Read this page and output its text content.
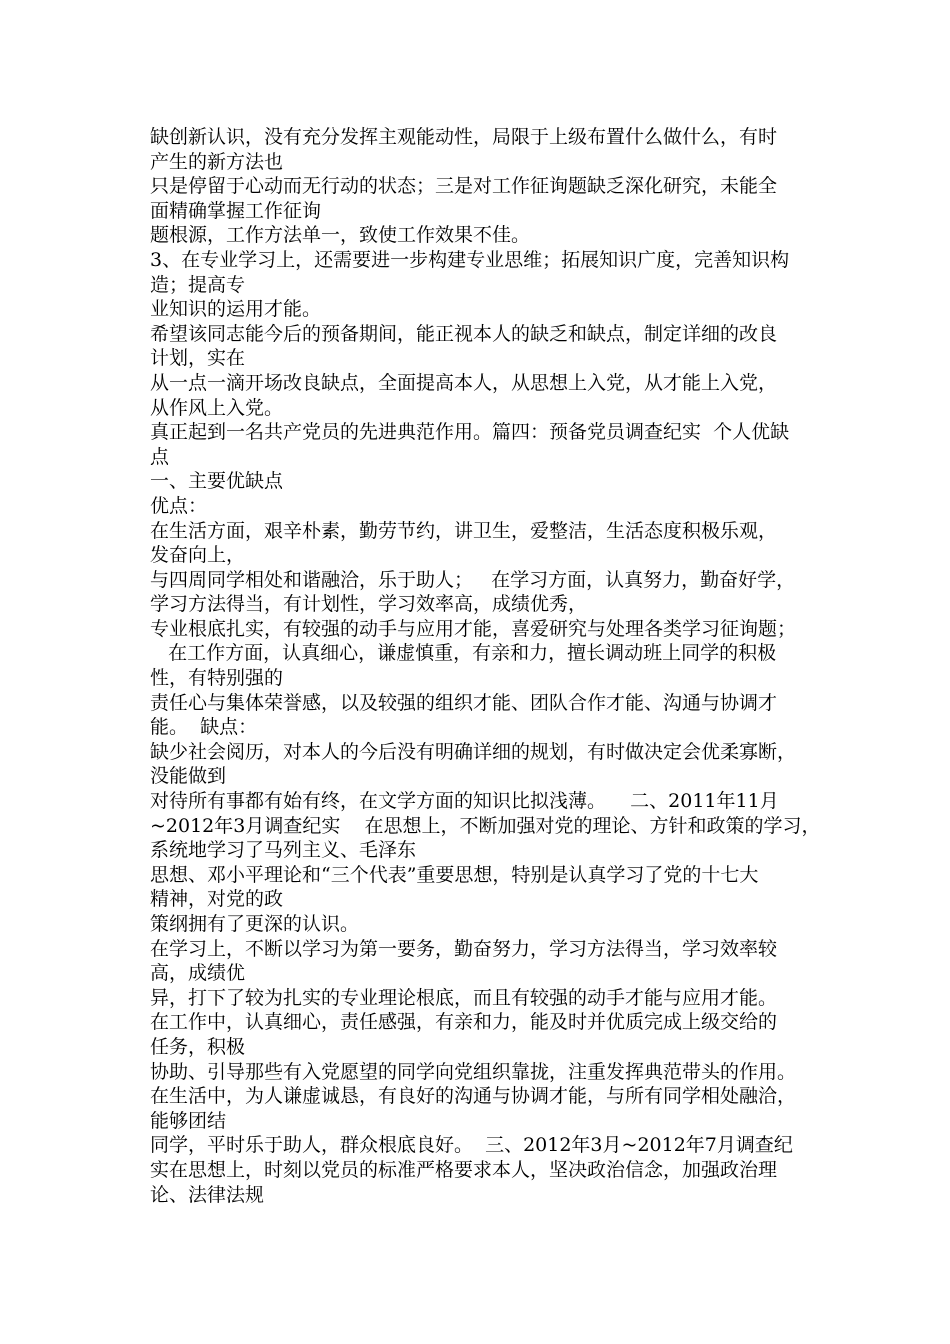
缺创新认识，没有充分发挥主观能动性，局限于上级布置什么做什么，有时
产生的新方法也
只是停留于心动而无行动的状态；三是对工作征询题缺乏深化研究，未能全
面精确掌握工作征询
题根源，工作方法单一，致使工作效果不佳。
3、在专业学习上，还需要进一步构建专业思维；拓展知识广度，完善知识构
造；提高专
业知识的运用才能。
希望该同志能今后的预备期间，能正视本人的缺乏和缺点，制定详细的改良
计划，实在
从一点一滴开场改良缺点，全面提高本人，从思想上入党，从才能上入党，
从作风上入党。
真正起到一名共产党员的先进典范作用。篇四：预备党员调查纪实  个人优缺
点
一、主要优缺点
优点：
在生活方面，艰辛朴素，勤劳节约，讲卫生，爱整洁，生活态度积极乐观，
发奋向上，
与四周同学相处和谐融洽，乐于助人；   在学习方面，认真努力，勤奋好学，
学习方法得当，有计划性，学习效率高，成绩优秀，
专业根底扎实，有较强的动手与应用才能，喜爱研究与处理各类学习征询题；
在工作方面，认真细心，谦虚慎重，有亲和力，擅长调动班上同学的积极
性，有特别强的
责任心与集体荣誉感，以及较强的组织才能、团队合作才能、沟通与协调才
能。  缺点：
缺少社会阅历，对本人的今后没有明确详细的规划，有时做决定会优柔寡断，
没能做到
对待所有事都有始有终，在文学方面的知识比拟浅薄。    二、2011年11月
~2012年3月调查纪实    在思想上，不断加强对党的理论、方针和政策的学习，
系统地学习了马列主义、毛泽东
思想、邓小平理论和“三个代表”重要思想，特别是认真学习了党的十七大
精神，对党的政
策纲拥有了更深的认识。
在学习上，不断以学习为第一要务，勤奋努力，学习方法得当，学习效率较
高，成绩优
异，打下了较为扎实的专业理论根底，而且有较强的动手才能与应用才能。
在工作中，认真细心，责任感强，有亲和力，能及时并优质完成上级交给的
任务，积极
协助、引导那些有入党愿望的同学向党组织靠拢，注重发挥典范带头的作用。
在生活中，为人谦虚诚恳，有良好的沟通与协调才能，与所有同学相处融洽，
能够团结
同学，平时乐于助人，群众根底良好。  三、2012年3月~2012年7月调查纪
实在思想上，时刻以党员的标准严格要求本人，坚决政治信念，加强政治理
论、法律法规
